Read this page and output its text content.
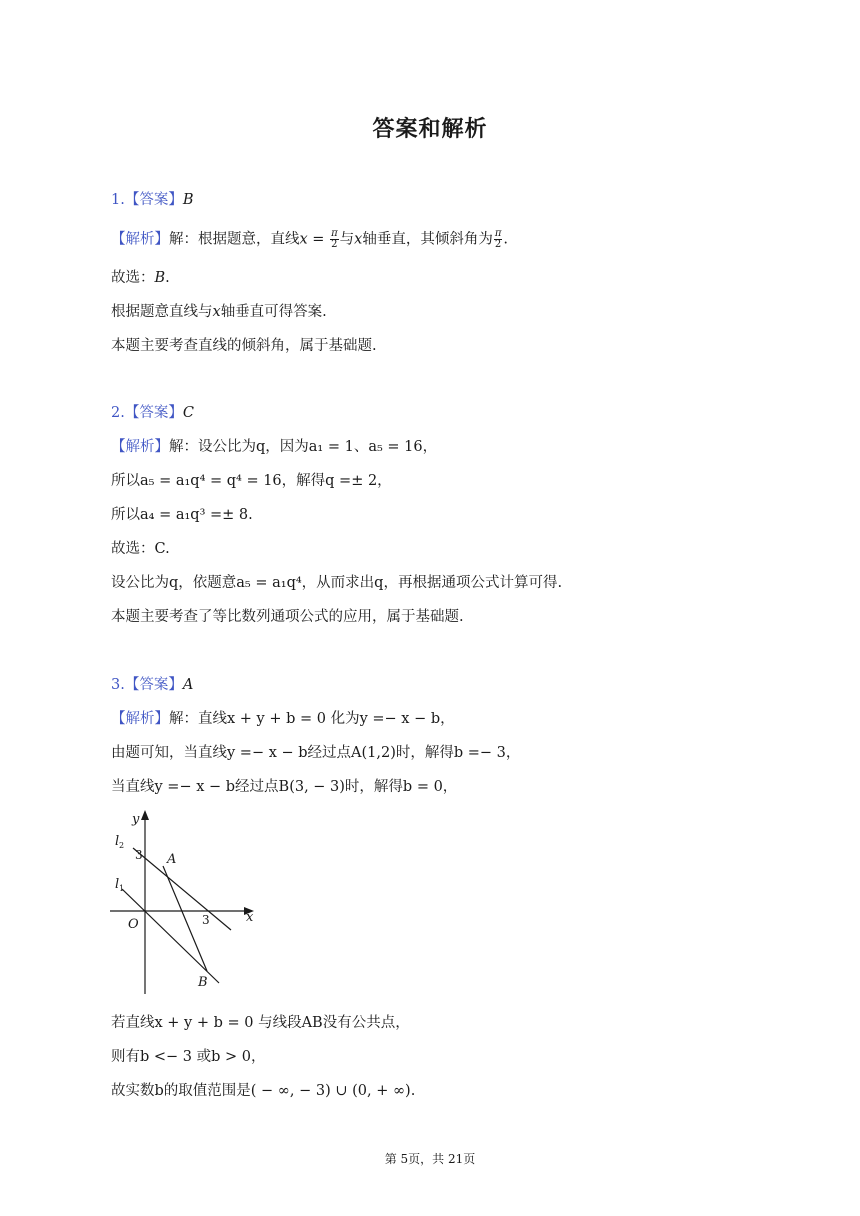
答案和解析
1.【答案】B
【解析】解：根据题意，直线$x = \frac{\pi}{2}$ 与x轴垂直，其倾斜角为 $\frac{\pi}{2}$ .
故选：B.
根据题意直线与x轴垂直可得答案.
本题主要考查直线的倾斜角，属于基础题.
2.【答案】C
【解析】解：设公比为q，因为a₁ = 1、a₅ = 16，
所以a₅ = a₁q⁴ = q⁴ = 16，解得q =± 2，
所以a₄ = a₁q³ =± 8.
故选：C.
设公比为q，依题意a₅ = a₁q⁴，从而求出q，再根据通项公式计算可得.
本题主要考查了等比数列通项公式的应用，属于基础题.
3.【答案】A
【解析】解：直线x + y + b = 0 化为y =− x − b，
由题可知，当直线y =− x − b经过点A(1,2)时，解得b =− 3，
当直线y =− x − b经过点B(3, − 3)时，解得b = 0，
y
x
O
A
B
l
l
1
2
3
3
若直线x + y + b = 0 与线段AB没有公共点，
则有b <− 3 或b > 0，
故实数b的取值范围是( − ∞, − 3) ∪ (0, + ∞).
第 5页，共 21页
